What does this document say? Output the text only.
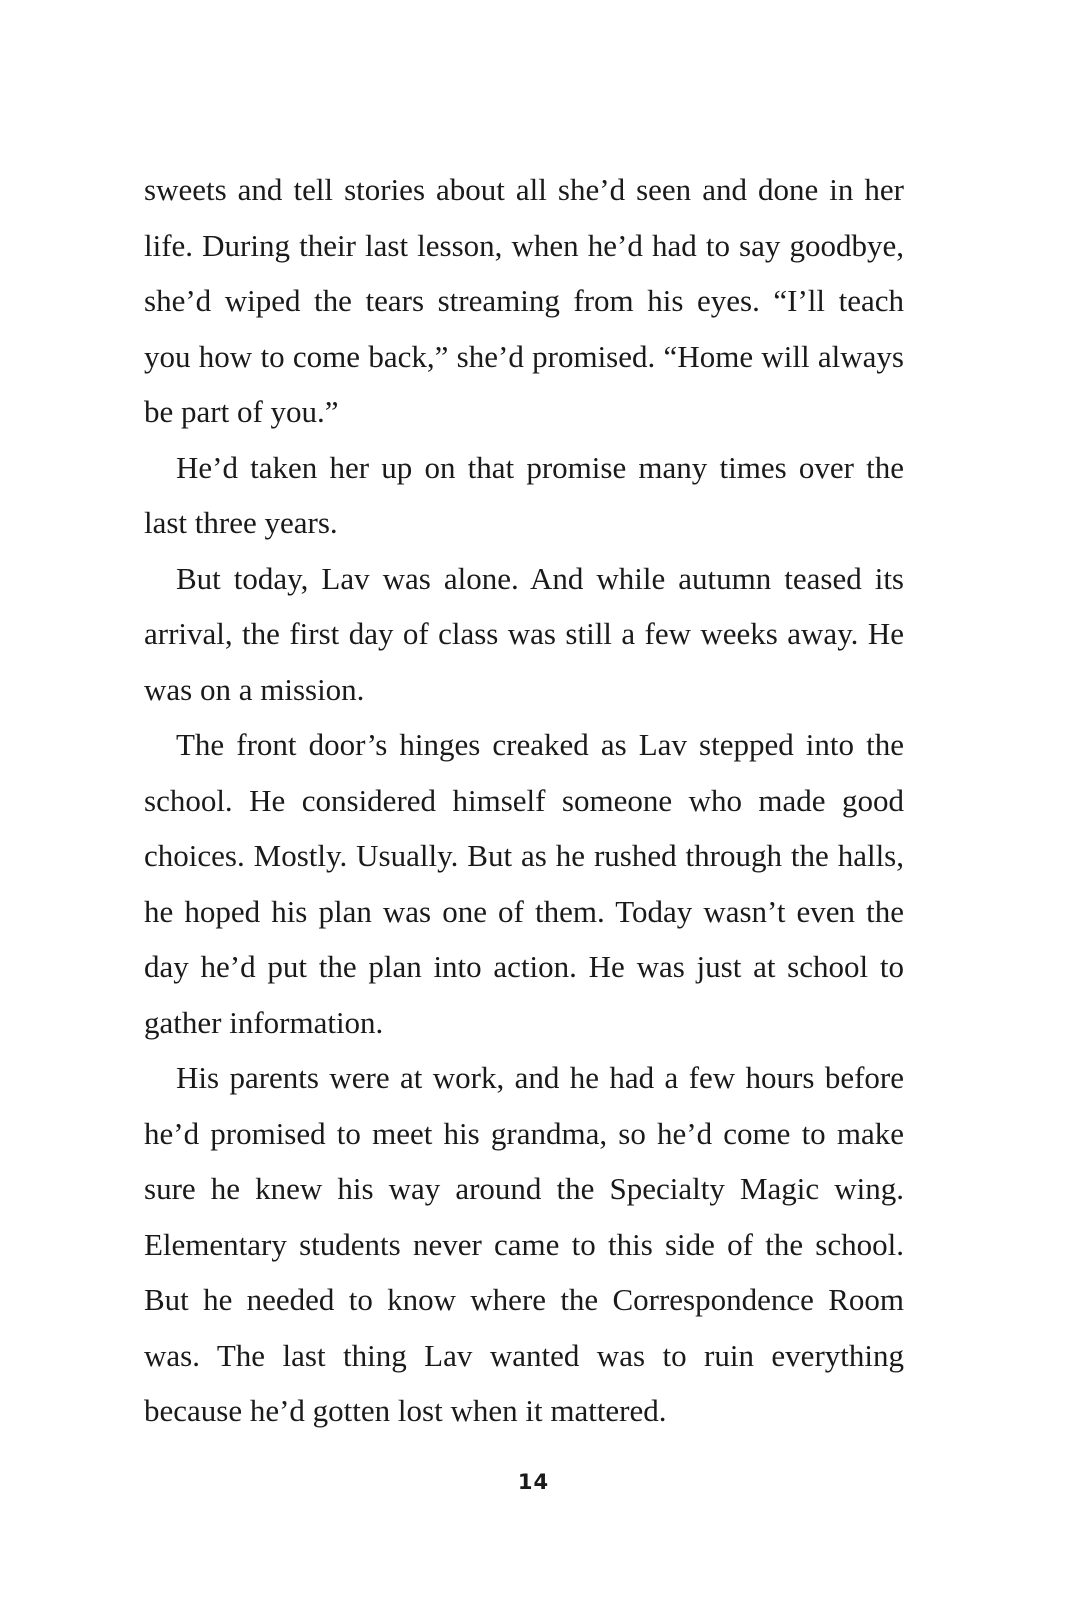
sweets and tell stories about all she’d seen and done in her life. During their last lesson, when he’d had to say goodbye, she’d wiped the tears streaming from his eyes. “I’ll teach you how to come back,” she’d promised. “Home will always be part of you.”

He’d taken her up on that promise many times over the last three years.

But today, Lav was alone. And while autumn teased its arrival, the first day of class was still a few weeks away. He was on a mission.

The front door’s hinges creaked as Lav stepped into the school. He considered himself someone who made good choices. Mostly. Usually. But as he rushed through the halls, he hoped his plan was one of them. Today wasn’t even the day he’d put the plan into action. He was just at school to gather information.

His parents were at work, and he had a few hours before he’d promised to meet his grandma, so he’d come to make sure he knew his way around the Specialty Magic wing. Elementary students never came to this side of the school. But he needed to know where the Correspondence Room was. The last thing Lav wanted was to ruin everything because he’d gotten lost when it mattered.

14
